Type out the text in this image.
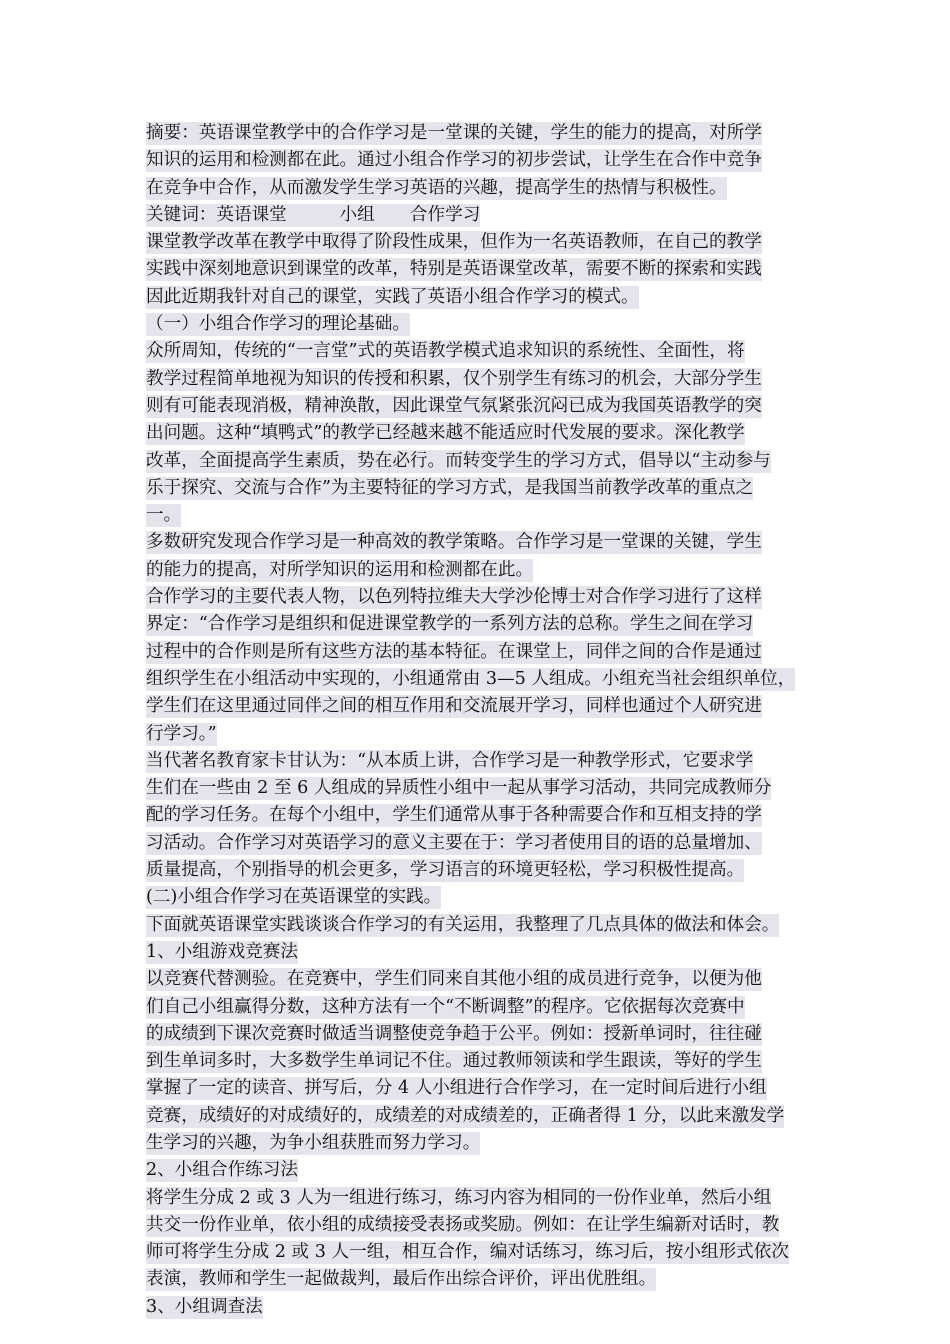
摘要：英语课堂教学中的合作学习是一堂课的关键，学生的能力的提高，对所学
知识的运用和检测都在此。通过小组合作学习的初步尝试，让学生在合作中竞争
在竞争中合作，从而激发学生学习英语的兴趣，提高学生的热情与积极性。
关键词：英语课堂　　　小组　　合作学习
课堂教学改革在教学中取得了阶段性成果，但作为一名英语教师，在自己的教学
实践中深刻地意识到课堂的改革，特别是英语课堂改革，需要不断的探索和实践
因此近期我针对自己的课堂，实践了英语小组合作学习的模式。
（一）小组合作学习的理论基础。
众所周知，传统的“一言堂”式的英语教学模式追求知识的系统性、全面性，将
教学过程简单地视为知识的传授和积累，仅个别学生有练习的机会，大部分学生
则有可能表现消极，精神涣散，因此课堂气氛紧张沉闷已成为我国英语教学的突
出问题。这种“填鸭式”的教学已经越来越不能适应时代发展的要求。深化教学
改革，全面提高学生素质，势在必行。而转变学生的学习方式，倡导以“主动参与
乐于探究、交流与合作”为主要特征的学习方式，是我国当前教学改革的重点之
一。
多数研究发现合作学习是一种高效的教学策略。合作学习是一堂课的关键，学生
的能力的提高，对所学知识的运用和检测都在此。
合作学习的主要代表人物，以色列特拉维夫大学沙伦博士对合作学习进行了这样
界定：“合作学习是组织和促进课堂教学的一系列方法的总称。学生之间在学习
过程中的合作则是所有这些方法的基本特征。在课堂上，同伴之间的合作是通过
组织学生在小组活动中实现的，小组通常由 3—5 人组成。小组充当社会组织单位，
学生们在这里通过同伴之间的相互作用和交流展开学习，同样也通过个人研究进
行学习。”
当代著名教育家卡甘认为：“从本质上讲，合作学习是一种教学形式，它要求学
生们在一些由 2 至 6 人组成的异质性小组中一起从事学习活动，共同完成教师分
配的学习任务。在每个小组中，学生们通常从事于各种需要合作和互相支持的学
习活动。合作学习对英语学习的意义主要在于：学习者使用目的语的总量增加、
质量提高，个别指导的机会更多，学习语言的环境更轻松，学习积极性提高。
(二)小组合作学习在英语课堂的实践。
下面就英语课堂实践谈谈合作学习的有关运用，我整理了几点具体的做法和体会。
1、小组游戏竞赛法
以竞赛代替测验。在竞赛中，学生们同来自其他小组的成员进行竞争，以便为他
们自己小组赢得分数，这种方法有一个“不断调整”的程序。它依据每次竞赛中
的成绩到下课次竞赛时做适当调整使竞争趋于公平。例如：授新单词时，往往碰
到生单词多时，大多数学生单词记不住。通过教师领读和学生跟读，等好的学生
掌握了一定的读音、拼写后，分 4 人小组进行合作学习，在一定时间后进行小组
竞赛，成绩好的对成绩好的，成绩差的对成绩差的，正确者得 1 分，以此来激发学
生学习的兴趣，为争小组获胜而努力学习。
2、小组合作练习法
将学生分成 2 或 3 人为一组进行练习，练习内容为相同的一份作业单，然后小组
共交一份作业单，依小组的成绩接受表扬或奖励。例如：在让学生编新对话时，教
师可将学生分成 2 或 3 人一组，相互合作，编对话练习，练习后，按小组形式依次
表演，教师和学生一起做裁判，最后作出综合评价，评出优胜组。
3、小组调查法
